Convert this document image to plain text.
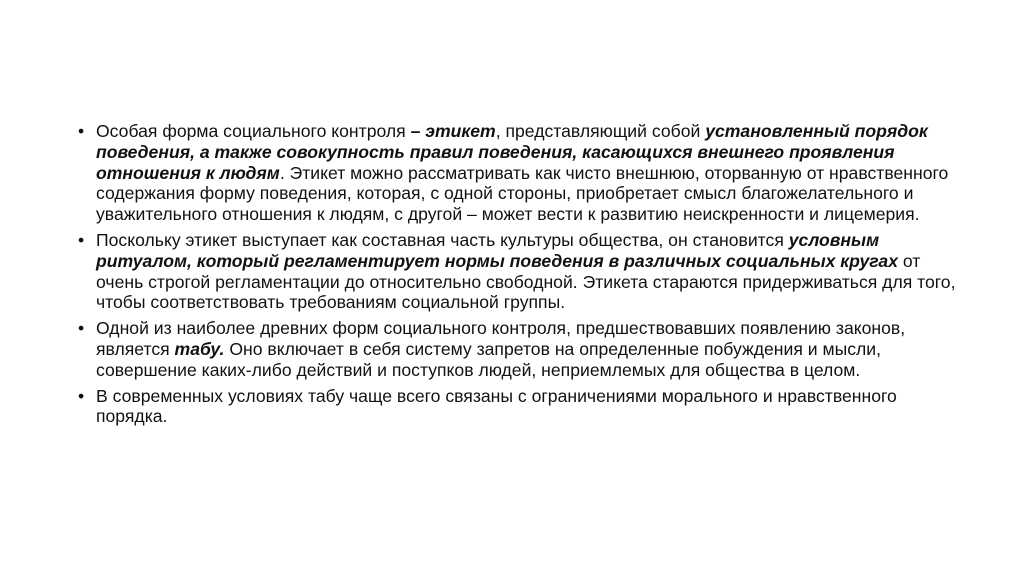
• Особая форма социального контроля – этикет, представляющий собой установленный порядок поведения, а также совокупность правил поведения, касающихся внешнего проявления отношения к людям. Этикет можно рассматривать как чисто внешнюю, оторванную от нравственного содержания форму поведения, которая, с одной стороны, приобретает смысл благожелательного и уважительного отношения к людям, с другой – может вести к развитию неискренности и лицемерия.
• Поскольку этикет выступает как составная часть культуры общества, он становится условным ритуалом, который регламентирует нормы поведения в различных социальных кругах от очень строгой регламентации до относительно свободной. Этикета стараются придерживаться для того, чтобы соответствовать требованиям социальной группы.
• Одной из наиболее древних форм социального контроля, предшествовавших появлению законов, является табу. Оно включает в себя систему запретов на определенные побуждения и мысли, совершение каких-либо действий и поступков людей, неприемлемых для общества в целом.
• В современных условиях табу чаще всего связаны с ограничениями морального и нравственного порядка.
